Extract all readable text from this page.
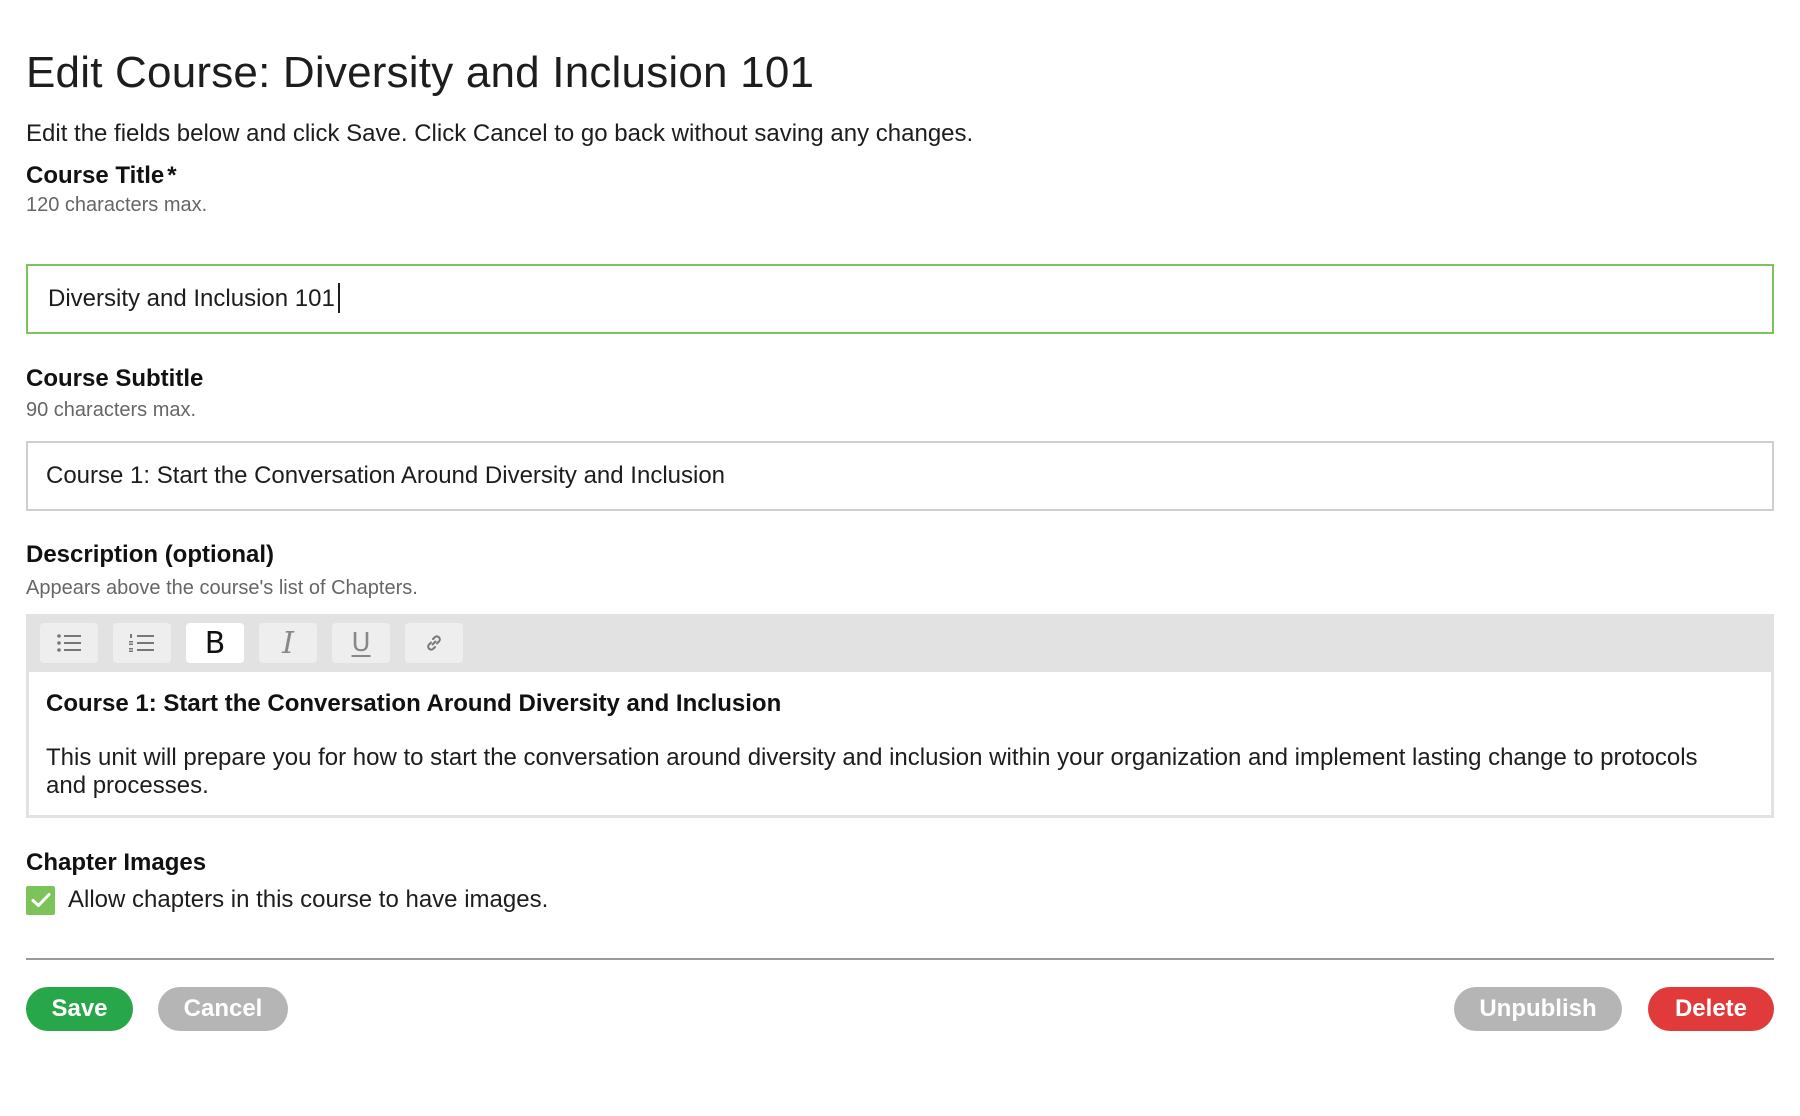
Edit Course: Diversity and Inclusion 101

Edit the fields below and click Save. Click Cancel to go back without saving any changes.

Course Title *
120 characters max.
Diversity and Inclusion 101
Course Subtitle
90 characters max.
Course 1: Start the Conversation Around Diversity and Inclusion
Description (optional)
Appears above the course's list of Chapters.
B I U

Course 1: Start the Conversation Around Diversity and Inclusion

This unit will prepare you for how to start the conversation around diversity and inclusion within your organization and implement lasting change to protocols and processes.

Chapter Images
Allow chapters in this course to have images.
Save	Cancel	Unpublish	Delete
